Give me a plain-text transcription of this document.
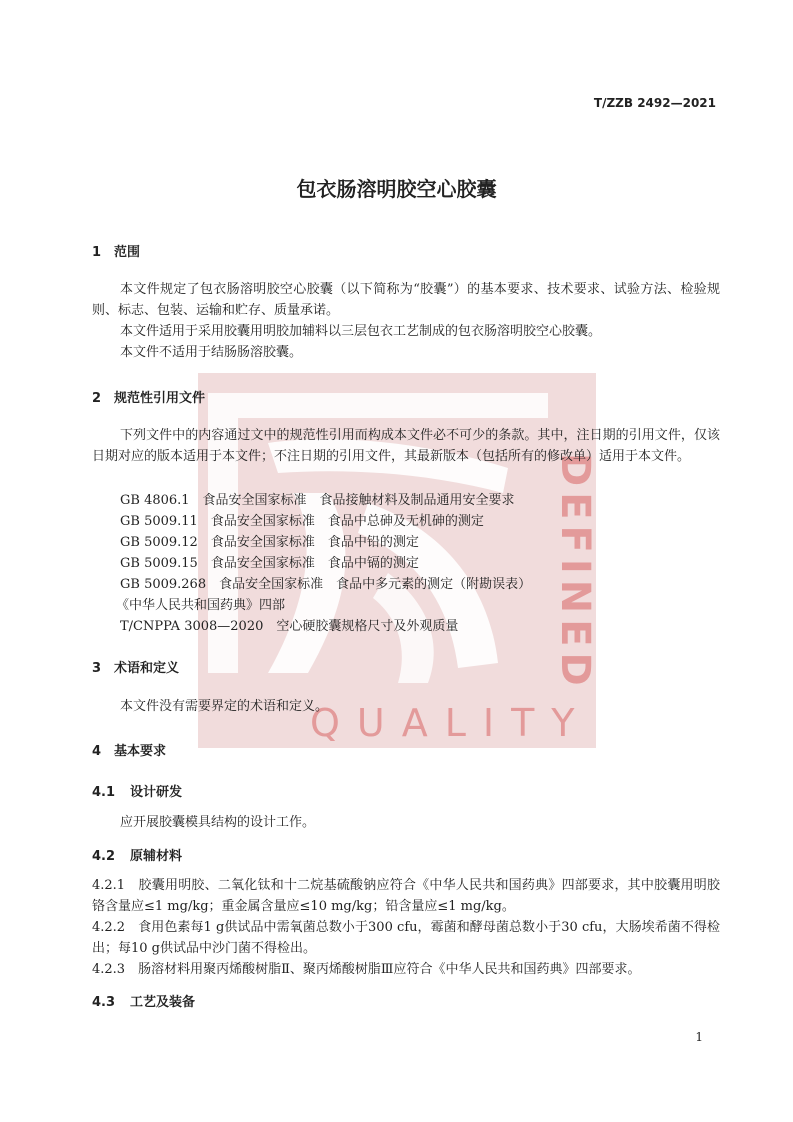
DEFINED
QUALITY
T/ZZB 2492—2021
包衣肠溶明胶空心胶囊
1 范围
本文件规定了包衣肠溶明胶空心胶囊（以下简称为“胶囊”）的基本要求、技术要求、试验方法、检验规则、标志、包装、运输和贮存、质量承诺。
本文件适用于采用胶囊用明胶加辅料以三层包衣工艺制成的包衣肠溶明胶空心胶囊。
本文件不适用于结肠肠溶胶囊。
2 规范性引用文件
下列文件中的内容通过文中的规范性引用而构成本文件必不可少的条款。其中，注日期的引用文件，仅该日期对应的版本适用于本文件；不注日期的引用文件，其最新版本（包括所有的修改单）适用于本文件。
GB 4806.1　食品安全国家标准　食品接触材料及制品通用安全要求
GB 5009.11　食品安全国家标准　食品中总砷及无机砷的测定
GB 5009.12　食品安全国家标准　食品中铅的测定
GB 5009.15　食品安全国家标准　食品中镉的测定
GB 5009.268　食品安全国家标准　食品中多元素的测定（附勘误表）
《中华人民共和国药典》四部
T/CNPPA 3008—2020　空心硬胶囊规格尺寸及外观质量
3 术语和定义
本文件没有需要界定的术语和定义。
4 基本要求
4.1 设计研发
应开展胶囊模具结构的设计工作。
4.2 原辅材料
4.2.1　 胶囊用明胶、二氧化钛和十二烷基硫酸钠应符合《中华人民共和国药典》四部要求，其中胶囊用明胶铬含量应≤1 mg/kg；重金属含量应≤10 mg/kg；铅含量应≤1 mg/kg。
4.2.2　 食用色素每1 g供试品中需氧菌总数小于300 cfu，霉菌和酵母菌总数小于30 cfu，大肠埃希菌不得检出；每10 g供试品中沙门菌不得检出。
4.2.3　 肠溶材料用聚丙烯酸树脂Ⅱ、聚丙烯酸树脂Ⅲ应符合《中华人民共和国药典》四部要求。
4.3 工艺及装备
1
